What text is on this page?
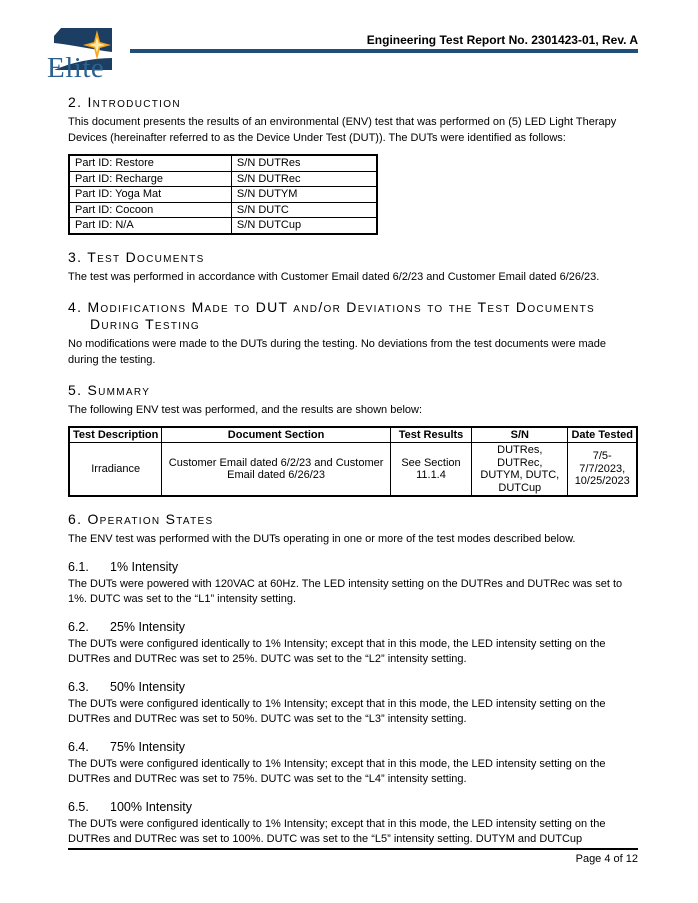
Elite
Engineering Test Report No. 2301423-01, Rev. A
2. Introduction

This document presents the results of an environmental (ENV) test that was performed on (5) LED Light Therapy Devices (hereinafter referred to as the Device Under Test (DUT)). The DUTs were identified as follows:

Part ID: Restore	S/N DUTRes
Part ID: Recharge	S/N DUTRec
Part ID: Yoga Mat	S/N DUTYM
Part ID: Cocoon	S/N DUTC
Part ID: N/A	S/N DUTCup
3. Test Documents

The test was performed in accordance with Customer Email dated 6/2/23 and Customer Email dated 6/26/23.

4. Modifications Made to DUT and/or Deviations to the Test Documents During Testing

No modifications were made to the DUTs during the testing. No deviations from the test documents were made during the testing.

5. Summary

The following ENV test was performed, and the results are shown below:

Test Description	Document Section	Test Results	S/N	Date Tested
Irradiance	Customer Email dated 6/2/23 and Customer Email dated 6/26/23	See Section 11.1.4	DUTRes, DUTRec, DUTYM, DUTC, DUTCup	7/5-7/7/2023, 10/25/2023
6. Operation States

The ENV test was performed with the DUTs operating in one or more of the test modes described below.

6.1. 1% Intensity

The DUTs were powered with 120VAC at 60Hz. The LED intensity setting on the DUTRes and DUTRec was set to 1%. DUTC was set to the “L1” intensity setting.

6.2. 25% Intensity

The DUTs were configured identically to 1% Intensity; except that in this mode, the LED intensity setting on the DUTRes and DUTRec was set to 25%. DUTC was set to the “L2” intensity setting.

6.3. 50% Intensity

The DUTs were configured identically to 1% Intensity; except that in this mode, the LED intensity setting on the DUTRes and DUTRec was set to 50%. DUTC was set to the “L3” intensity setting.

6.4. 75% Intensity

The DUTs were configured identically to 1% Intensity; except that in this mode, the LED intensity setting on the DUTRes and DUTRec was set to 75%. DUTC was set to the “L4” intensity setting.

6.5. 100% Intensity

The DUTs were configured identically to 1% Intensity; except that in this mode, the LED intensity setting on the DUTRes and DUTRec was set to 100%. DUTC was set to the “L5” intensity setting. DUTYM and DUTCup

Page 4 of 12
